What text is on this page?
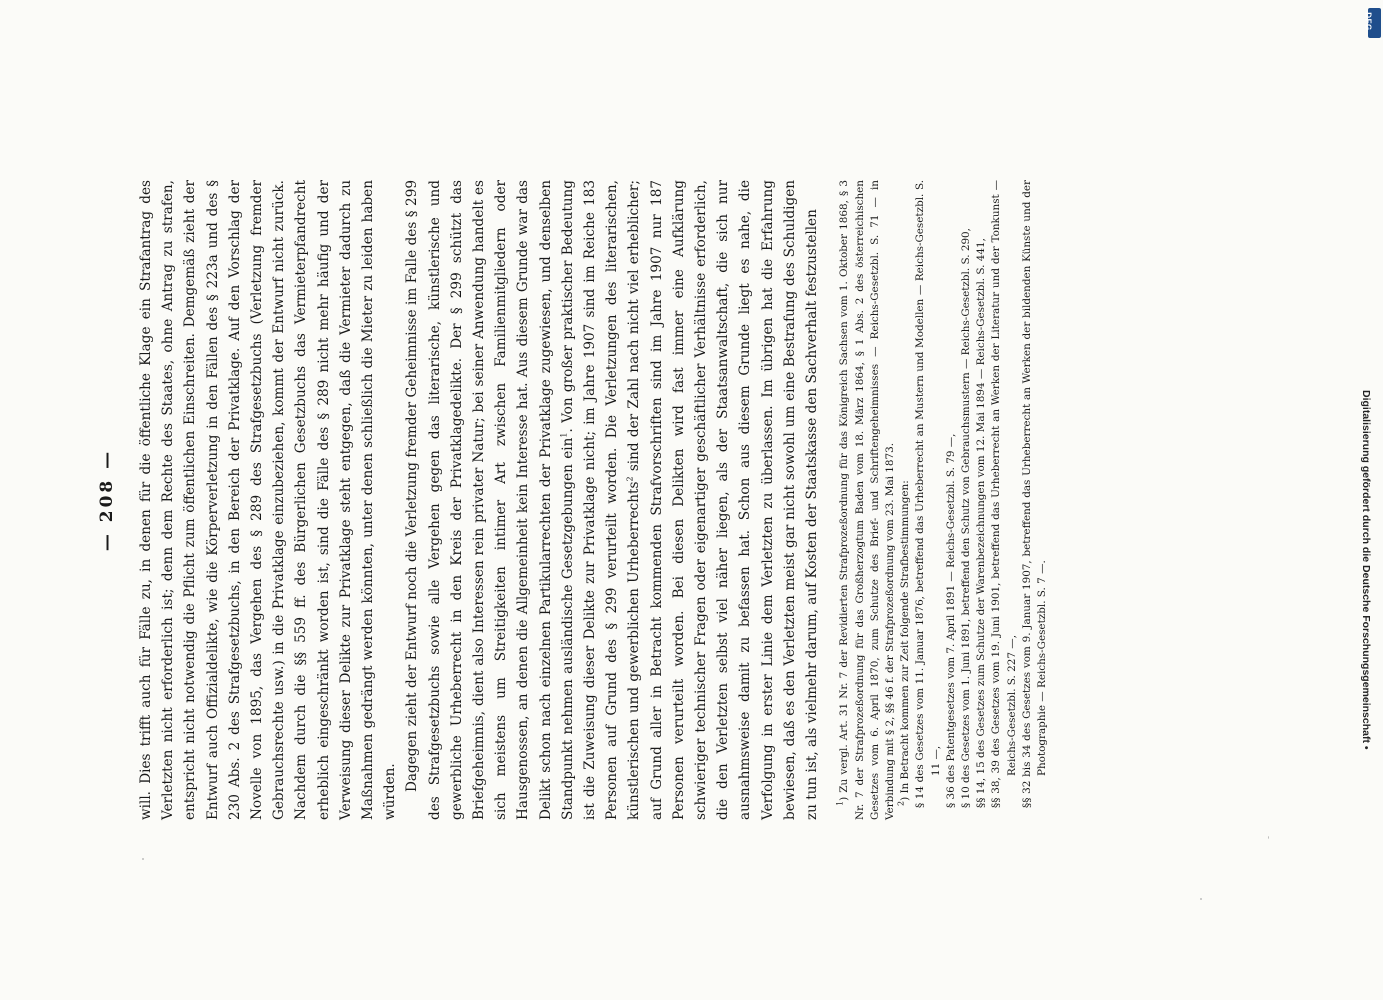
DFG
Digitalisierung gefördert durch die Deutsche Forschungsgemeinschaft •
— 208 — will. Dies trifft auch für Fälle zu, in denen für die öffentliche Klage ein Strafantrag des Verletzten nicht erforderlich ist; denn dem Rechte des Staates, ohne Antrag zu strafen, entspricht nicht notwendig die Pflicht zum öffentlichen Einschreiten. Demgemäß zieht der Entwurf auch Offizialdelikte, wie die Körperverletzung in den Fällen des § 223a und des § 230 Abs. 2 des Strafgesetzbuchs, in den Bereich der Privatklage. Auf den Vorschlag der Novelle von 1895, das Vergehen des § 289 des Strafgesetzbuchs (Verletzung fremder Gebrauchsrechte usw.) in die Privatklage einzubeziehen, kommt der Entwurf nicht zurück. Nachdem durch die §§ 559 ff. des Bürgerlichen Gesetzbuchs das Vermieterpfandrecht erheblich eingeschränkt worden ist, sind die Fälle des § 289 nicht mehr häufig und der Verweisung dieser Delikte zur Privatklage steht entgegen, daß die Vermieter dadurch zu Maßnahmen gedrängt werden könnten, unter denen schließlich die Mieter zu leiden haben würden. Dagegen zieht der Entwurf noch die Verletzung fremder Geheimnisse im Falle des § 299 des Strafgesetzbuchs sowie alle Vergehen gegen das literarische, künstlerische und gewerbliche Urheberrecht in den Kreis der Privatklagedelikte. Der § 299 schützt das Briefgeheimnis, dient also Interessen rein privater Natur; bei seiner Anwendung handelt es sich meistens um Streitigkeiten intimer Art zwischen Familienmitgliedern oder Hausgenossen, an denen die Allgemeinheit kein Interesse hat. Aus diesem Grunde war das Delikt schon nach einzelnen Partikularrechten der Privatklage zugewiesen, und denselben Standpunkt nehmen ausländische Gesetzgebungen ein$^1$. Von großer praktischer Bedeutung ist die Zuweisung dieser Delikte zur Privatklage nicht; im Jahre 1907 sind im Reiche 183 Personen auf Grund des § 299 verurteilt worden. Die Verletzungen des literarischen, künstlerischen und gewerblichen Urheberrechts$^2$ sind der Zahl nach nicht viel erheblicher; auf Grund aller in Betracht kommenden Strafvorschriften sind im Jahre 1907 nur 187 Personen verurteilt worden. Bei diesen Delikten wird fast immer eine Aufklärung schwieriger technischer Fragen oder eigenartiger geschäftlicher Verhältnisse erforderlich, die den Verletzten selbst viel näher liegen, als der Staatsanwaltschaft, die sich nur ausnahmsweise damit zu befassen hat. Schon aus diesem Grunde liegt es nahe, die Verfolgung in erster Linie dem Verletzten zu überlassen. Im übrigen hat die Erfahrung bewiesen, daß es den Verletzten meist gar nicht sowohl um eine Bestrafung des Schuldigen zu tun ist, als vielmehr darum, auf Kosten der Staatskasse den Sachverhalt festzustellen	$^1$) Zu vergl. Art. 31 Nr. 7 der Revidierten Strafprozeßordnung für das Königreich Sachsen vom 1. Oktober 1868, § 3 Nr. 7 der Strafprozeßordnung für das Großherzogtum Baden vom 18. März 1864, § 1 Abs. 2 des österreichischen Gesetzes vom 6. April 1870, zum Schutze des Brief- und Schriftengeheimnisses — Reichs-Gesetzbl. S. 71 — in Verbindung mit § 2, §§ 46 f. der Strafprozeßordnung vom 23. Mai 1873. $^2$) In Betracht kommen zur Zeit folgende Strafbestimmungen: § 14 des Gesetzes vom 11. Januar 1876, betreffend das Urheberrecht an Mustern und Modellen — Reichs-Gesetzbl. S. 11 —, § 36 des Patentgesetzes vom 7. April 1891 — Reichs-Gesetzbl. S. 79 —, § 10 des Gesetzes vom 1. Juni 1891, betreffend den Schutz von Gebrauchsmustern — Reichs-Gesetzbl. S. 290, §§ 14, 15 des Gesetzes zum Schutze der Warenbezeichnungen vom 12. Mai 1894 — Reichs-Gesetzbl. S. 441, §§ 38, 39 des Gesetzes vom 19. Juni 1901, betreffend das Urheberrecht an Werken der Literatur und der Tonkunst — Reichs-Gesetzbl. S. 227 —, §§ 32 bis 34 des Gesetzes vom 9. Januar 1907, betreffend das Urheberrecht an Werken der bildenden Künste und der Photographie — Reichs-Gesetzbl. S. 7 —.
